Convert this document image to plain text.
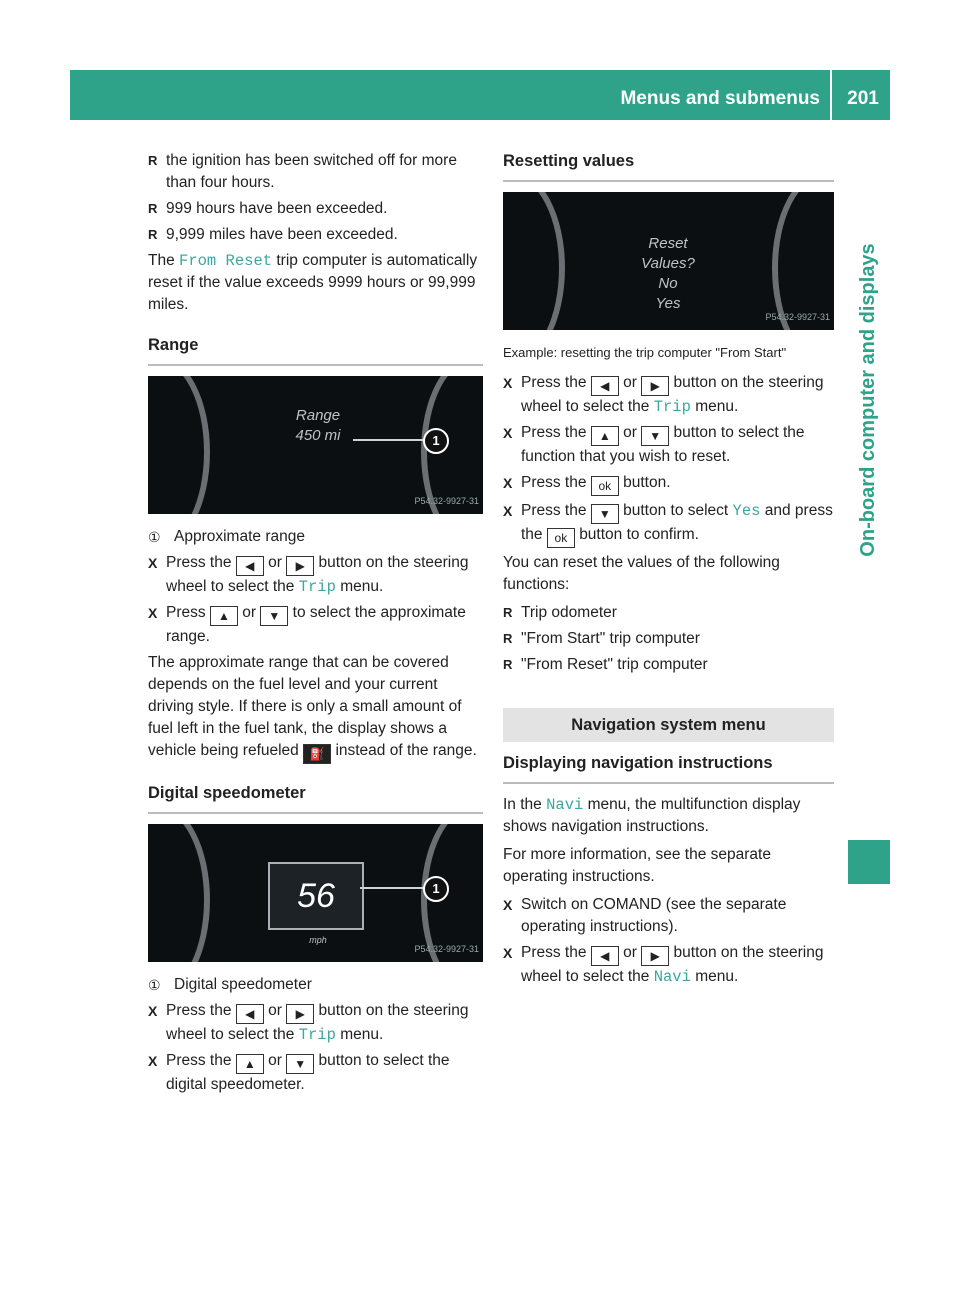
Menus and submenus	201
On-board computer and displays
R the ignition has been switched off for more than four hours.
R 999 hours have been exceeded.
R 9,999 miles have been exceeded.

The From Reset trip computer is automatically reset if the value exceeds 9999 hours or 99,999 miles.

Range
Range
450 mi	1
P54.32-9927-31
① Approximate range
X Press the ◀ or ▶ button on the steering wheel to select the Trip menu.
X Press ▲ or ▼ to select the approximate range.

The approximate range that can be covered depends on the fuel level and your current driving style. If there is only a small amount of fuel left in the fuel tank, the display shows a vehicle being refueled ⛽ instead of the range.

Digital speedometer
56
mph
1
P54.32-9927-31
① Digital speedometer
X Press the ◀ or ▶ button on the steering wheel to select the Trip menu.
X Press the ▲ or ▼ button to select the digital speedometer.
Resetting values
Reset
Values?
No
Yes
P54.32-9927-31

Example: resetting the trip computer "From Start"

X Press the ◀ or ▶ button on the steering wheel to select the Trip menu.
X Press the ▲ or ▼ button to select the function that you wish to reset.
X Press the ok button.
X Press the ▼ button to select Yes and press the ok button to confirm.

You can reset the values of the following functions:

R Trip odometer
R "From Start" trip computer
R "From Reset" trip computer
Navigation system menu
Displaying navigation instructions

In the Navi menu, the multifunction display shows navigation instructions.

For more information, see the separate operating instructions.

X Switch on COMAND (see the separate operating instructions).
X Press the ◀ or ▶ button on the steering wheel to select the Navi menu.
